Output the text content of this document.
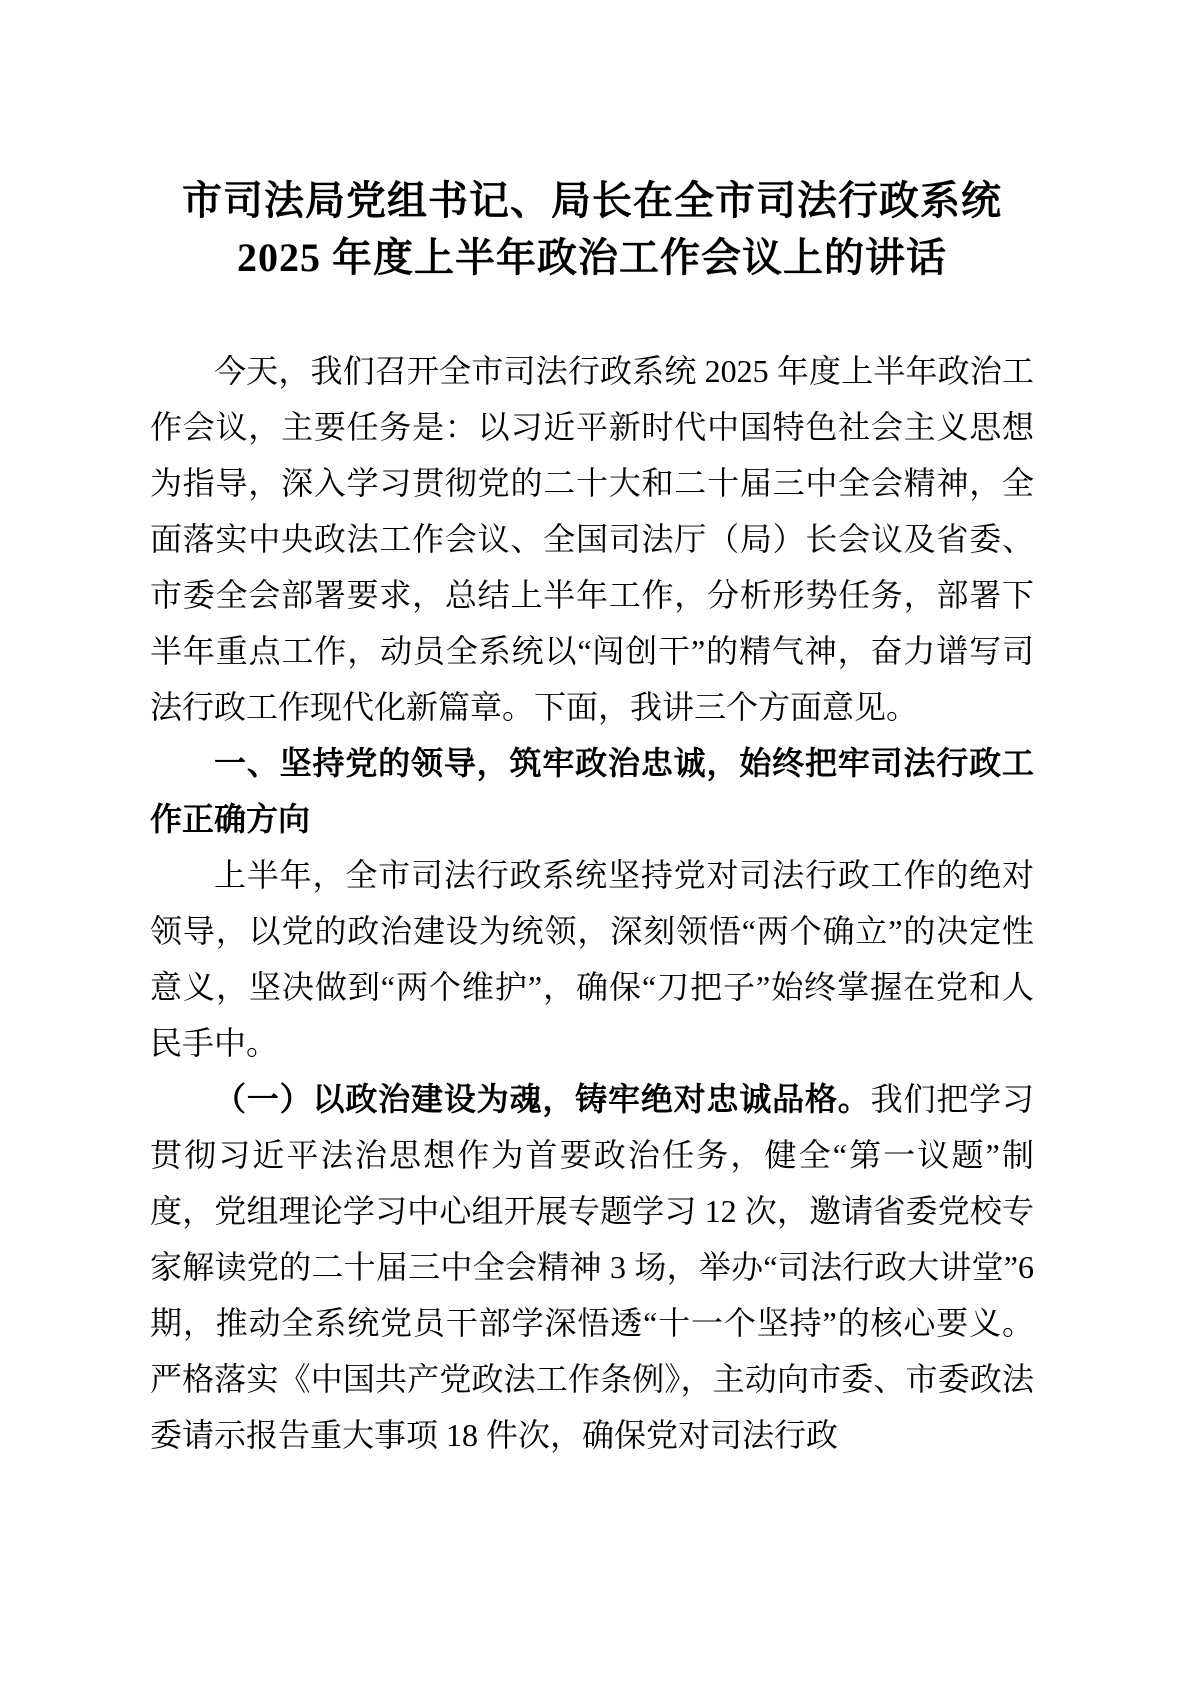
市司法局党组书记、局长在全市司法行政系统 2025 年度上半年政治工作会议上的讲话

今天，我们召开全市司法行政系统 2025 年度上半年政治工作会议，主要任务是：以习近平新时代中国特色社会主义思想为指导，深入学习贯彻党的二十大和二十届三中全会精神，全面落实中央政法工作会议、全国司法厅（局）长会议及省委、市委全会部署要求，总结上半年工作，分析形势任务，部署下半年重点工作，动员全系统以“闯创干”的精气神，奋力谱写司法行政工作现代化新篇章。下面，我讲三个方面意见。

一、坚持党的领导，筑牢政治忠诚，始终把牢司法行政工作正确方向

上半年，全市司法行政系统坚持党对司法行政工作的绝对领导，以党的政治建设为统领，深刻领悟“两个确立”的决定性意义，坚决做到“两个维护”，确保“刀把子”始终掌握在党和人民手中。

（一）以政治建设为魂，铸牢绝对忠诚品格。我们把学习贯彻习近平法治思想作为首要政治任务，健全“第一议题”制度，党组理论学习中心组开展专题学习 12 次，邀请省委党校专家解读党的二十届三中全会精神 3 场，举办“司法行政大讲堂”6 期，推动全系统党员干部学深悟透“十一个坚持”的核心要义。严格落实《中国共产党政法工作条例》，主动向市委、市委政法委请示报告重大事项 18 件次，确保党对司法行政
